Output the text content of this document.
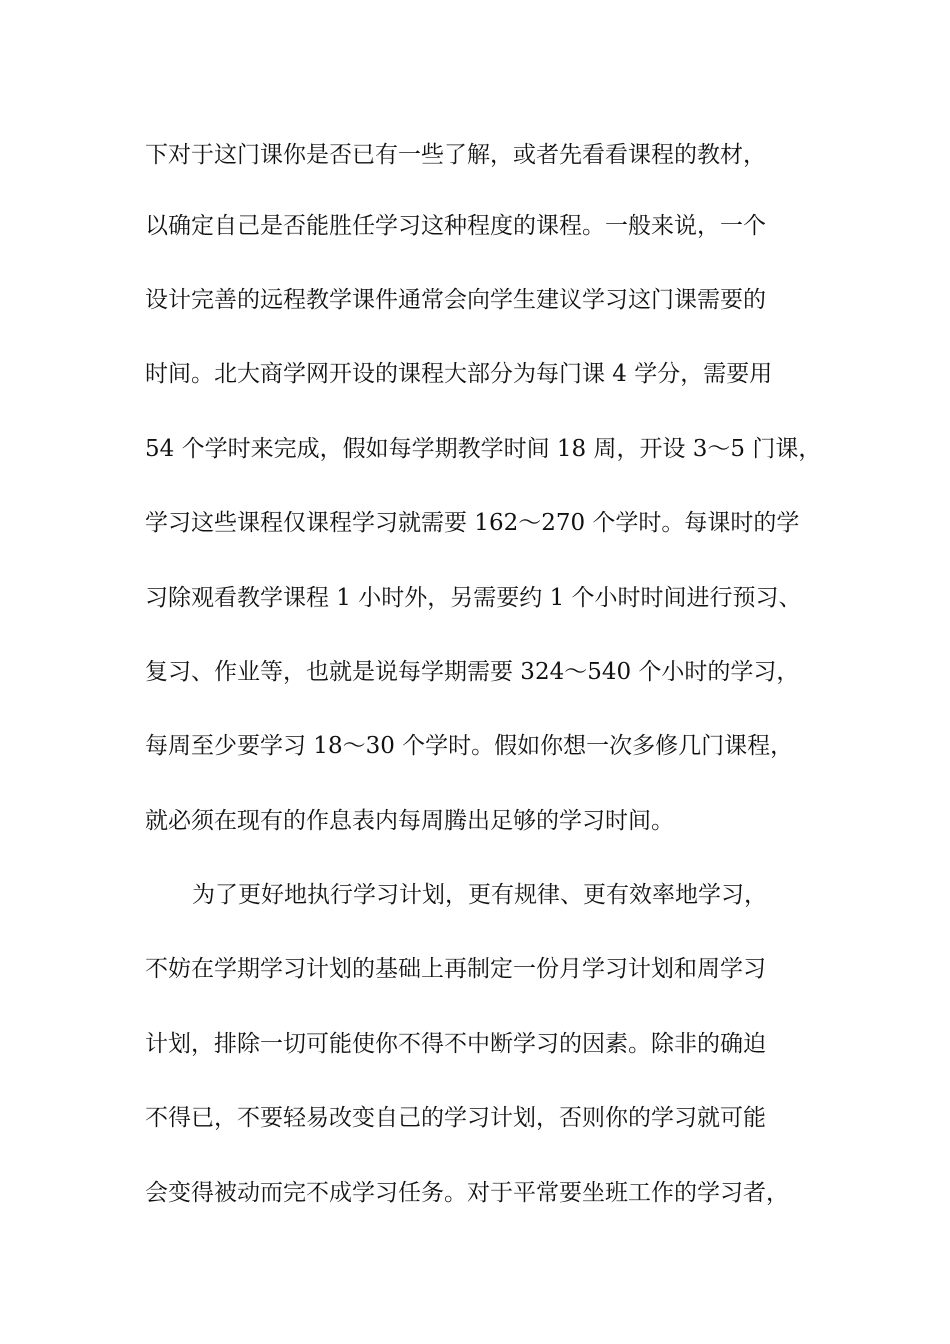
下对于这门课你是否已有一些了解，或者先看看课程的教材，

以确定自己是否能胜任学习这种程度的课程。一般来说，一个

设计完善的远程教学课件通常会向学生建议学习这门课需要的

时间。北大商学网开设的课程大部分为每门课 4 学分，需要用

54 个学时来完成，假如每学期教学时间 18 周，开设 3～5 门课，

学习这些课程仅课程学习就需要 162～270 个学时。每课时的学

习除观看教学课程 1 小时外，另需要约 1 个小时时间进行预习、

复习、作业等，也就是说每学期需要 324～540 个小时的学习，

每周至少要学习 18～30 个学时。假如你想一次多修几门课程，

就必须在现有的作息表内每周腾出足够的学习时间。

为了更好地执行学习计划，更有规律、更有效率地学习，

不妨在学期学习计划的基础上再制定一份月学习计划和周学习

计划，排除一切可能使你不得不中断学习的因素。除非的确迫

不得已，不要轻易改变自己的学习计划，否则你的学习就可能

会变得被动而完不成学习任务。对于平常要坐班工作的学习者，
